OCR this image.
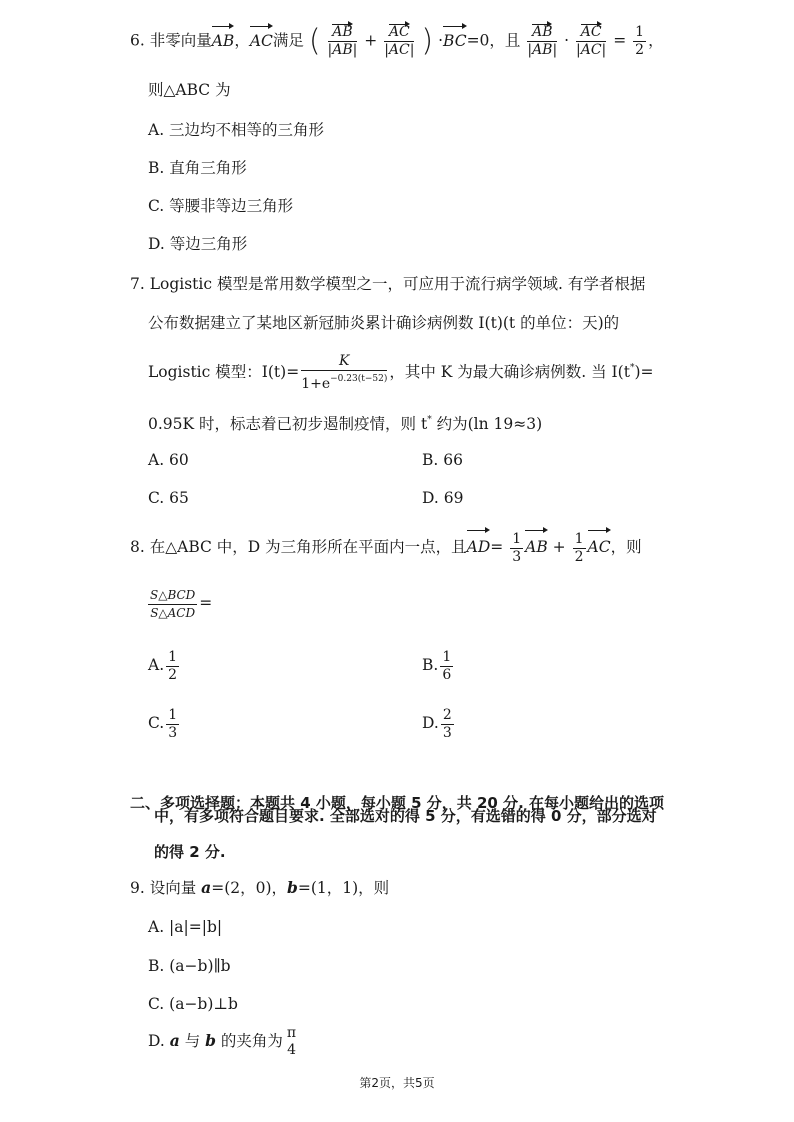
6. 非零向量AB，AC满足 ( $\frac{AB}{|AB|} + \frac{AC}{|AC|}$ ) ·BC=0，且 $\frac{AB}{|AB|} \cdot \frac{AC}{|AC|} = \frac{1}{2}$ ，
则△ABC 为
A. 三边均不相等的三角形
B. 直角三角形
C. 等腰非等边三角形
D. 等边三角形
7. Logistic 模型是常用数学模型之一，可应用于流行病学领域. 有学者根据
公布数据建立了某地区新冠肺炎累计确诊病例数 I(t)(t 的单位：天)的
Logistic 模型：$I(t)= \frac{K}{1+e^{-0.23(t-52)}}$ ，其中 K 为最大确诊病例数. 当 I(t*)=
0.95K 时，标志着已初步遏制疫情，则 t* 约为(ln 19≈3)
A. 60	B. 66
C. 65	D. 69
8. 在△ABC 中，D 为三角形所在平面内一点，且$AD= \frac{1}{3}$ AB + $\frac{1}{2}$ AC，则
$\frac{\text{S△BCD}}{\text{S△ACD}}$ =
A. $\frac{1}{2}$	B. $\frac{1}{6}$
C. $\frac{1}{3}$	D. $\frac{2}{3}$
二、多项选择题：本题共 4 小题，每小题 5 分，共 20 分. 在每小题给出的选项
中，有多项符合题目要求. 全部选对的得 5 分，有选错的得 0 分，部分选对
的得 2 分.
9. 设向量 a=(2，0)，b=(1，1)，则
A. |a|=|b|
B. (a−b)∥b
C. (a−b)⊥b
D. a 与 b 的夹角为 π
4
第2页，共5页
